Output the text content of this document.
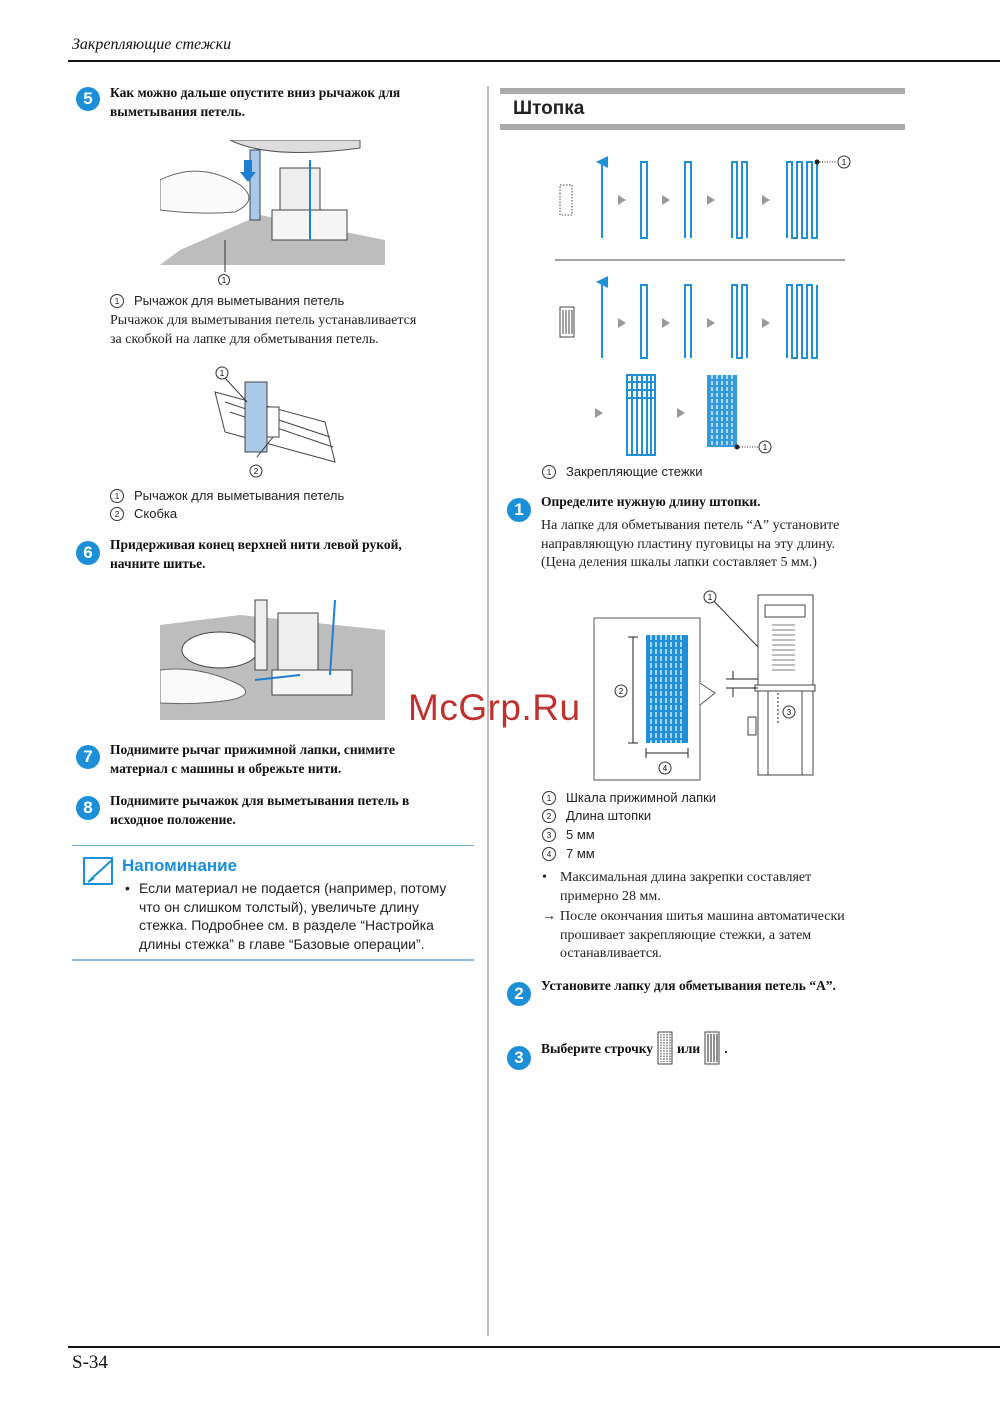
Закрепляющие стежки
S-34
5	Как можно дальше опустите вниз рычажок для
выметывания петель.
1
1 Рычажок для выметывания петель
Рычажок для выметывания петель устанавливается
за скобкой на лапке для обметывания петель.
1
2
1 Рычажок для выметывания петель
2 Скобка
6	Придерживая конец верхней нити левой рукой,
начните шитье.
7	Поднимите рычаг прижимной лапки, снимите
материал с машины и обрежьте нити.
8	Поднимите рычажок для выметывания петель в
исходное положение.
Напоминание
• Если материал не подается (например, потому
что он слишком толстый), увеличьте длину
стежка. Подробнее см. в разделе “Настройка
длины стежка” в главе “Базовые операции”.
Штопка
1
1
1 Закрепляющие стежки
1	Определите нужную длину штопки.
На лапке для обметывания петель “A” установите
направляющую пластину пуговицы на эту длину.
(Цена деления шкалы лапки составляет 5 мм.)
2
4
1
3
1 Шкала прижимной лапки
2 Длина штопки
3 5 мм
4 7 мм
• Максимальная длина закрепки составляет
примерно 28 мм.
→ После окончания шитья машина автоматически
прошивает закрепляющие стежки, а затем
останавливается.
2	Установите лапку для обметывания петель “A”.
3	Выберите строчку или .
McGrp.Ru
